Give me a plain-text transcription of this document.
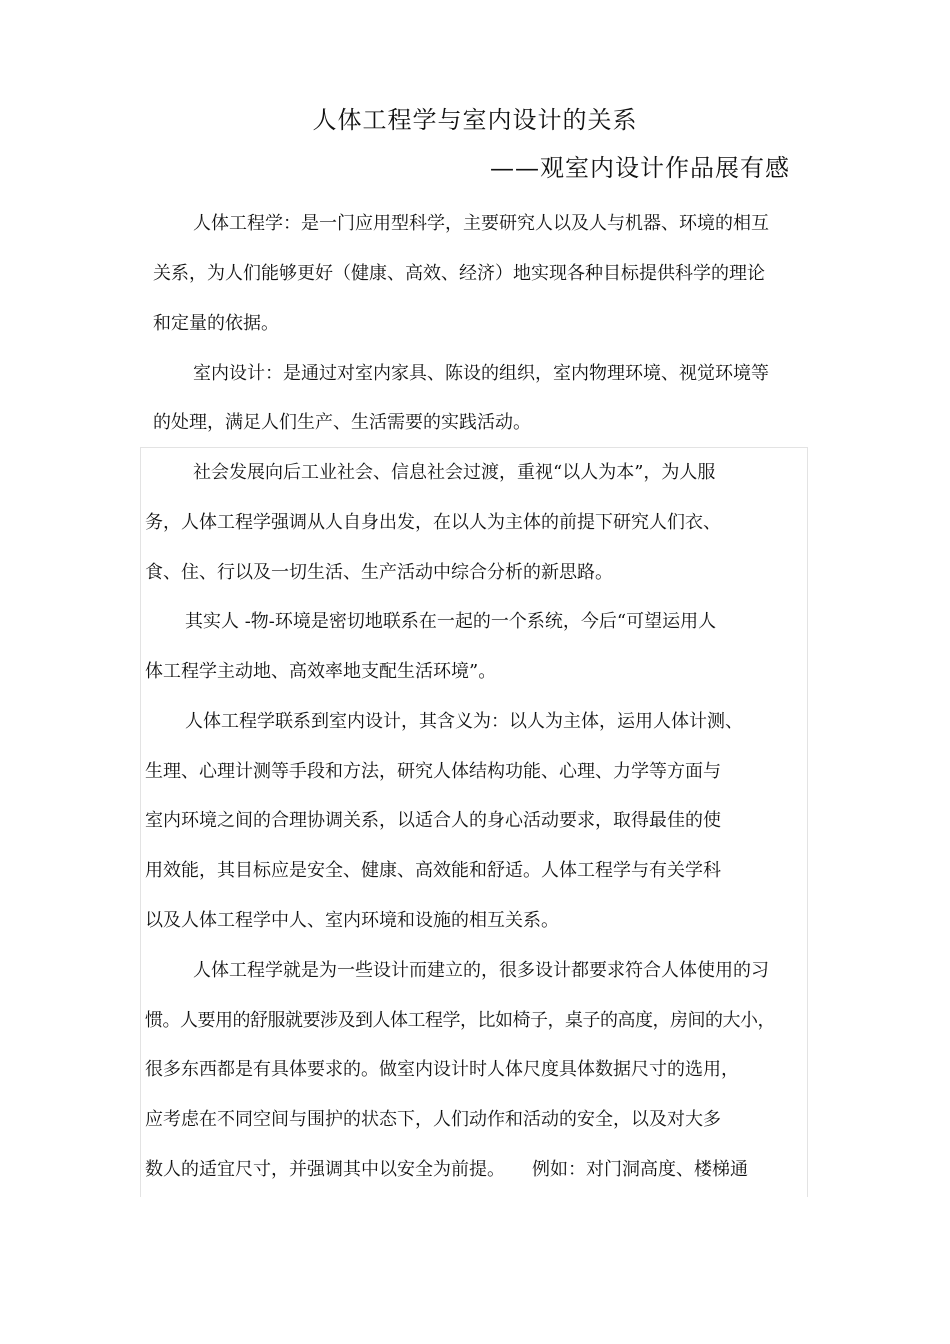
人体工程学与室内设计的关系
——观室内设计作品展有感
人体工程学：是一门应用型科学，主要研究人以及人与机器、环境的相互
关系，为人们能够更好（健康、高效、经济）地实现各种目标提供科学的理论
和定量的依据。
室内设计：是通过对室内家具、陈设的组织，室内物理环境、视觉环境等
的处理，满足人们生产、生活需要的实践活动。
社会发展向后工业社会、信息社会过渡，重视“以人为本”，为人服
务，人体工程学强调从人自身出发，在以人为主体的前提下研究人们衣、
食、住、行以及一切生活、生产活动中综合分析的新思路。
其实人 -物-环境是密切地联系在一起的一个系统，今后“可望运用人
体工程学主动地、高效率地支配生活环境”。
人体工程学联系到室内设计，其含义为：以人为主体，运用人体计测、
生理、心理计测等手段和方法，研究人体结构功能、心理、力学等方面与
室内环境之间的合理协调关系，以适合人的身心活动要求，取得最佳的使
用效能，其目标应是安全、健康、高效能和舒适。人体工程学与有关学科
以及人体工程学中人、室内环境和设施的相互关系。
人体工程学就是为一些设计而建立的，很多设计都要求符合人体使用的习
惯。人要用的舒服就要涉及到人体工程学，比如椅子，桌子的高度，房间的大小，
很多东西都是有具体要求的。做室内设计时人体尺度具体数据尺寸的选用，
应考虑在不同空间与围护的状态下，人们动作和活动的安全，以及对大多
数人的适宜尺寸，并强调其中以安全为前提。　　例如：对门洞高度、楼梯通
